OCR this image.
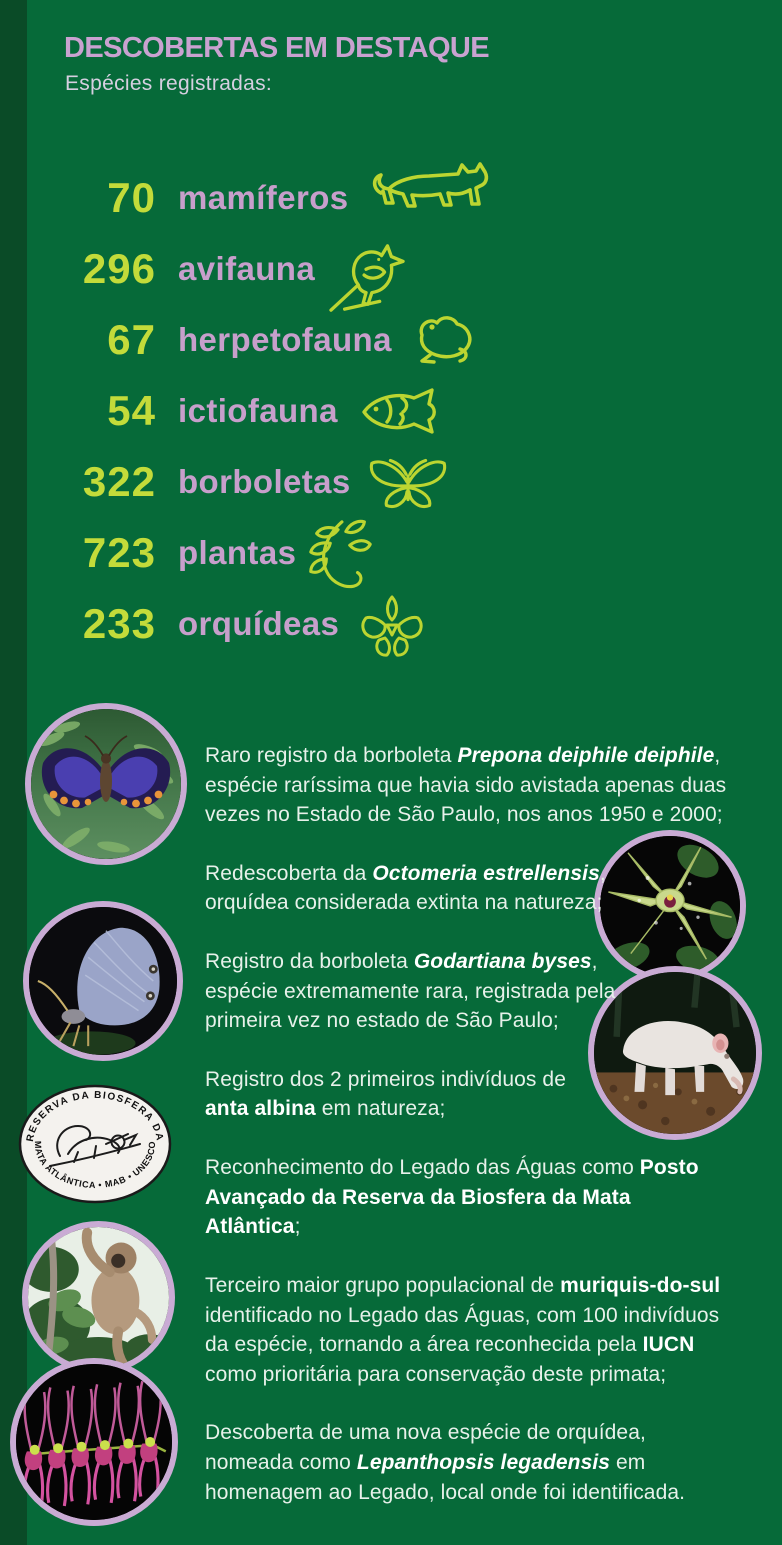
DESCOBERTAS EM DESTAQUE
Espécies registradas:
70 mamíferos
296 avifauna
67 herpetofauna
54 ictiofauna
322 borboletas
723 plantas
233 orquídeas
RESERVA DA BIOSFERA DA
MATA ATLÂNTICA • MAB • UNESCO

Raro registro da borboleta Prepona deiphile deiphile, espécie raríssima que havia sido avistada apenas duas vezes no Estado de São Paulo, nos anos 1950 e 2000;

Redescoberta da Octomeria estrellensis, orquídea considerada extinta na natureza;

Registro da borboleta Godartiana byses, espécie extremamente rara, registrada pela primeira vez no estado de São Paulo;

Registro dos 2 primeiros indivíduos de anta albina em natureza;

Reconhecimento do Legado das Águas como Posto Avançado da Reserva da Biosfera da Mata Atlântica;

Terceiro maior grupo populacional de muriquis-do-sul identificado no Legado das Águas, com 100 indivíduos da espécie, tornando a área reconhecida pela IUCN como prioritária para conservação deste primata;

Descoberta de uma nova espécie de orquídea, nomeada como Lepanthopsis legadensis em homenagem ao Legado, local onde foi identificada.
